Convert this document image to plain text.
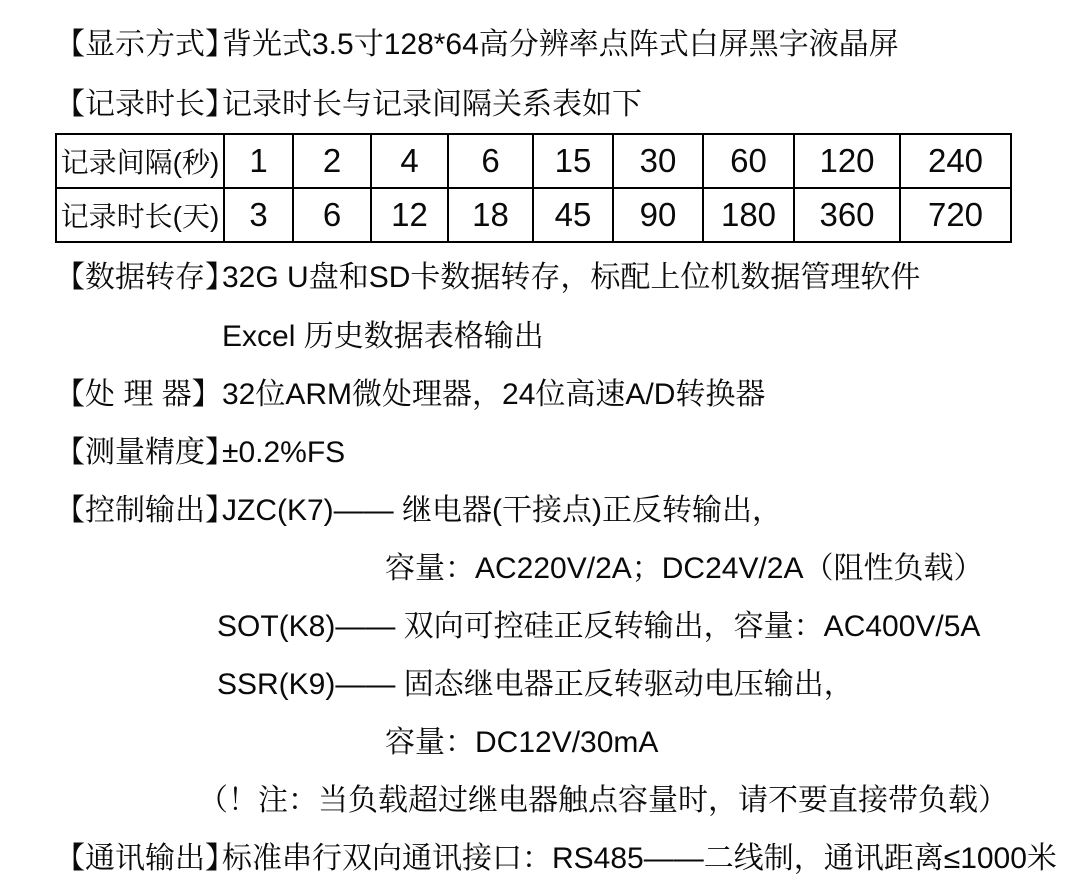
【显示方式】背光式3.5寸128*64高分辨率点阵式白屏黑字液晶屏
【记录时长】记录时长与记录间隔关系表如下
记录间隔(秒)	1	2	4	6	15	30	60	120	240
记录时长(天)	3	6	12	18	45	90	180	360	720
【数据转存】32G U盘和SD卡数据转存，标配上位机数据管理软件
Excel 历史数据表格输出
【处 理 器】32位ARM微处理器，24位高速A/D转换器
【测量精度】±0.2%FS
【控制输出】JZC(K7)—— 继电器(干接点)正反转输出，
容量：AC220V/2A；DC24V/2A（阻性负载）
SOT(K8)—— 双向可控硅正反转输出，容量：AC400V/5A
SSR(K9)—— 固态继电器正反转驱动电压输出，
容量：DC12V/30mA
（！注：当负载超过继电器触点容量时，请不要直接带负载）
【通讯输出】标准串行双向通讯接口：RS485——二线制，通讯距离≤1000米
